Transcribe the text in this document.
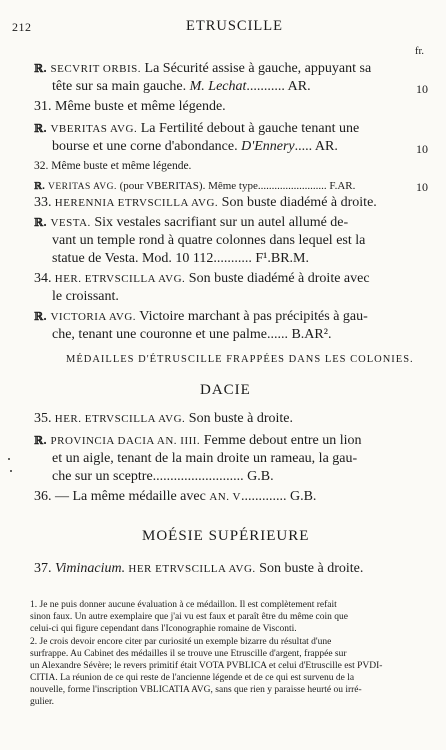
212	ETRUSCILLE
fr.
ℝ. SECVRIT ORBIS. La Sécurité assise à gauche, appuyant sa
tête sur sa main gauche. M. Lechat........... AR.	10
31. Même buste et même légende.
ℝ. VBERITAS AVG. La Fertilité debout à gauche tenant une
bourse et une corne d'abondance. D'Ennery..... AR.	10
32. Même buste et même légende.
ℝ. VERITAS AVG. (pour VBERITAS). Même type......................... F.AR.	10
33. HERENNIA ETRVSCILLA AVG. Son buste diadémé à droite.
ℝ. VESTA. Six vestales sacrifiant sur un autel allumé de-
vant un temple rond à quatre colonnes dans lequel est la
statue de Vesta. Mod. 10 112........... F¹.BR.M.
34. HER. ETRVSCILLA AVG. Son buste diadémé à droite avec
le croissant.
ℝ. VICTORIA AVG. Victoire marchant à pas précipités à gau-
che, tenant une couronne et une palme...... B.AR².
MÉDAILLES D'ÉTRUSCILLE FRAPPÉES DANS LES COLONIES.
DACIE
35. HER. ETRVSCILLA AVG. Son buste à droite.
ℝ. PROVINCIA DACIA AN. IIII. Femme debout entre un lion
et un aigle, tenant de la main droite un rameau, la gau-
che sur un sceptre.......................... G.B.
36. — La même médaille avec AN. V............. G.B.
MOÉSIE SUPÉRIEURE
37. Viminacium. HER ETRVSCILLA AVG. Son buste à droite.
1. Je ne puis donner aucune évaluation à ce médaillon. Il est complètement refait
sinon faux. Un autre exemplaire que j'ai vu est faux et paraît être du même coin que
celui-ci qui figure cependant dans l'Iconographie romaine de Visconti.
2. Je crois devoir encore citer par curiosité un exemple bizarre du résultat d'une
surfrappe. Au Cabinet des médailles il se trouve une Etruscille d'argent, frappée sur
un Alexandre Sévère; le revers primitif était VOTA PVBLICA et celui d'Etruscille est PVDI-
CITIA. La réunion de ce qui reste de l'ancienne légende et de ce qui est survenu de la
nouvelle, forme l'inscription VBLICATIA AVG, sans que rien y paraisse heurté ou irré-
gulier.
